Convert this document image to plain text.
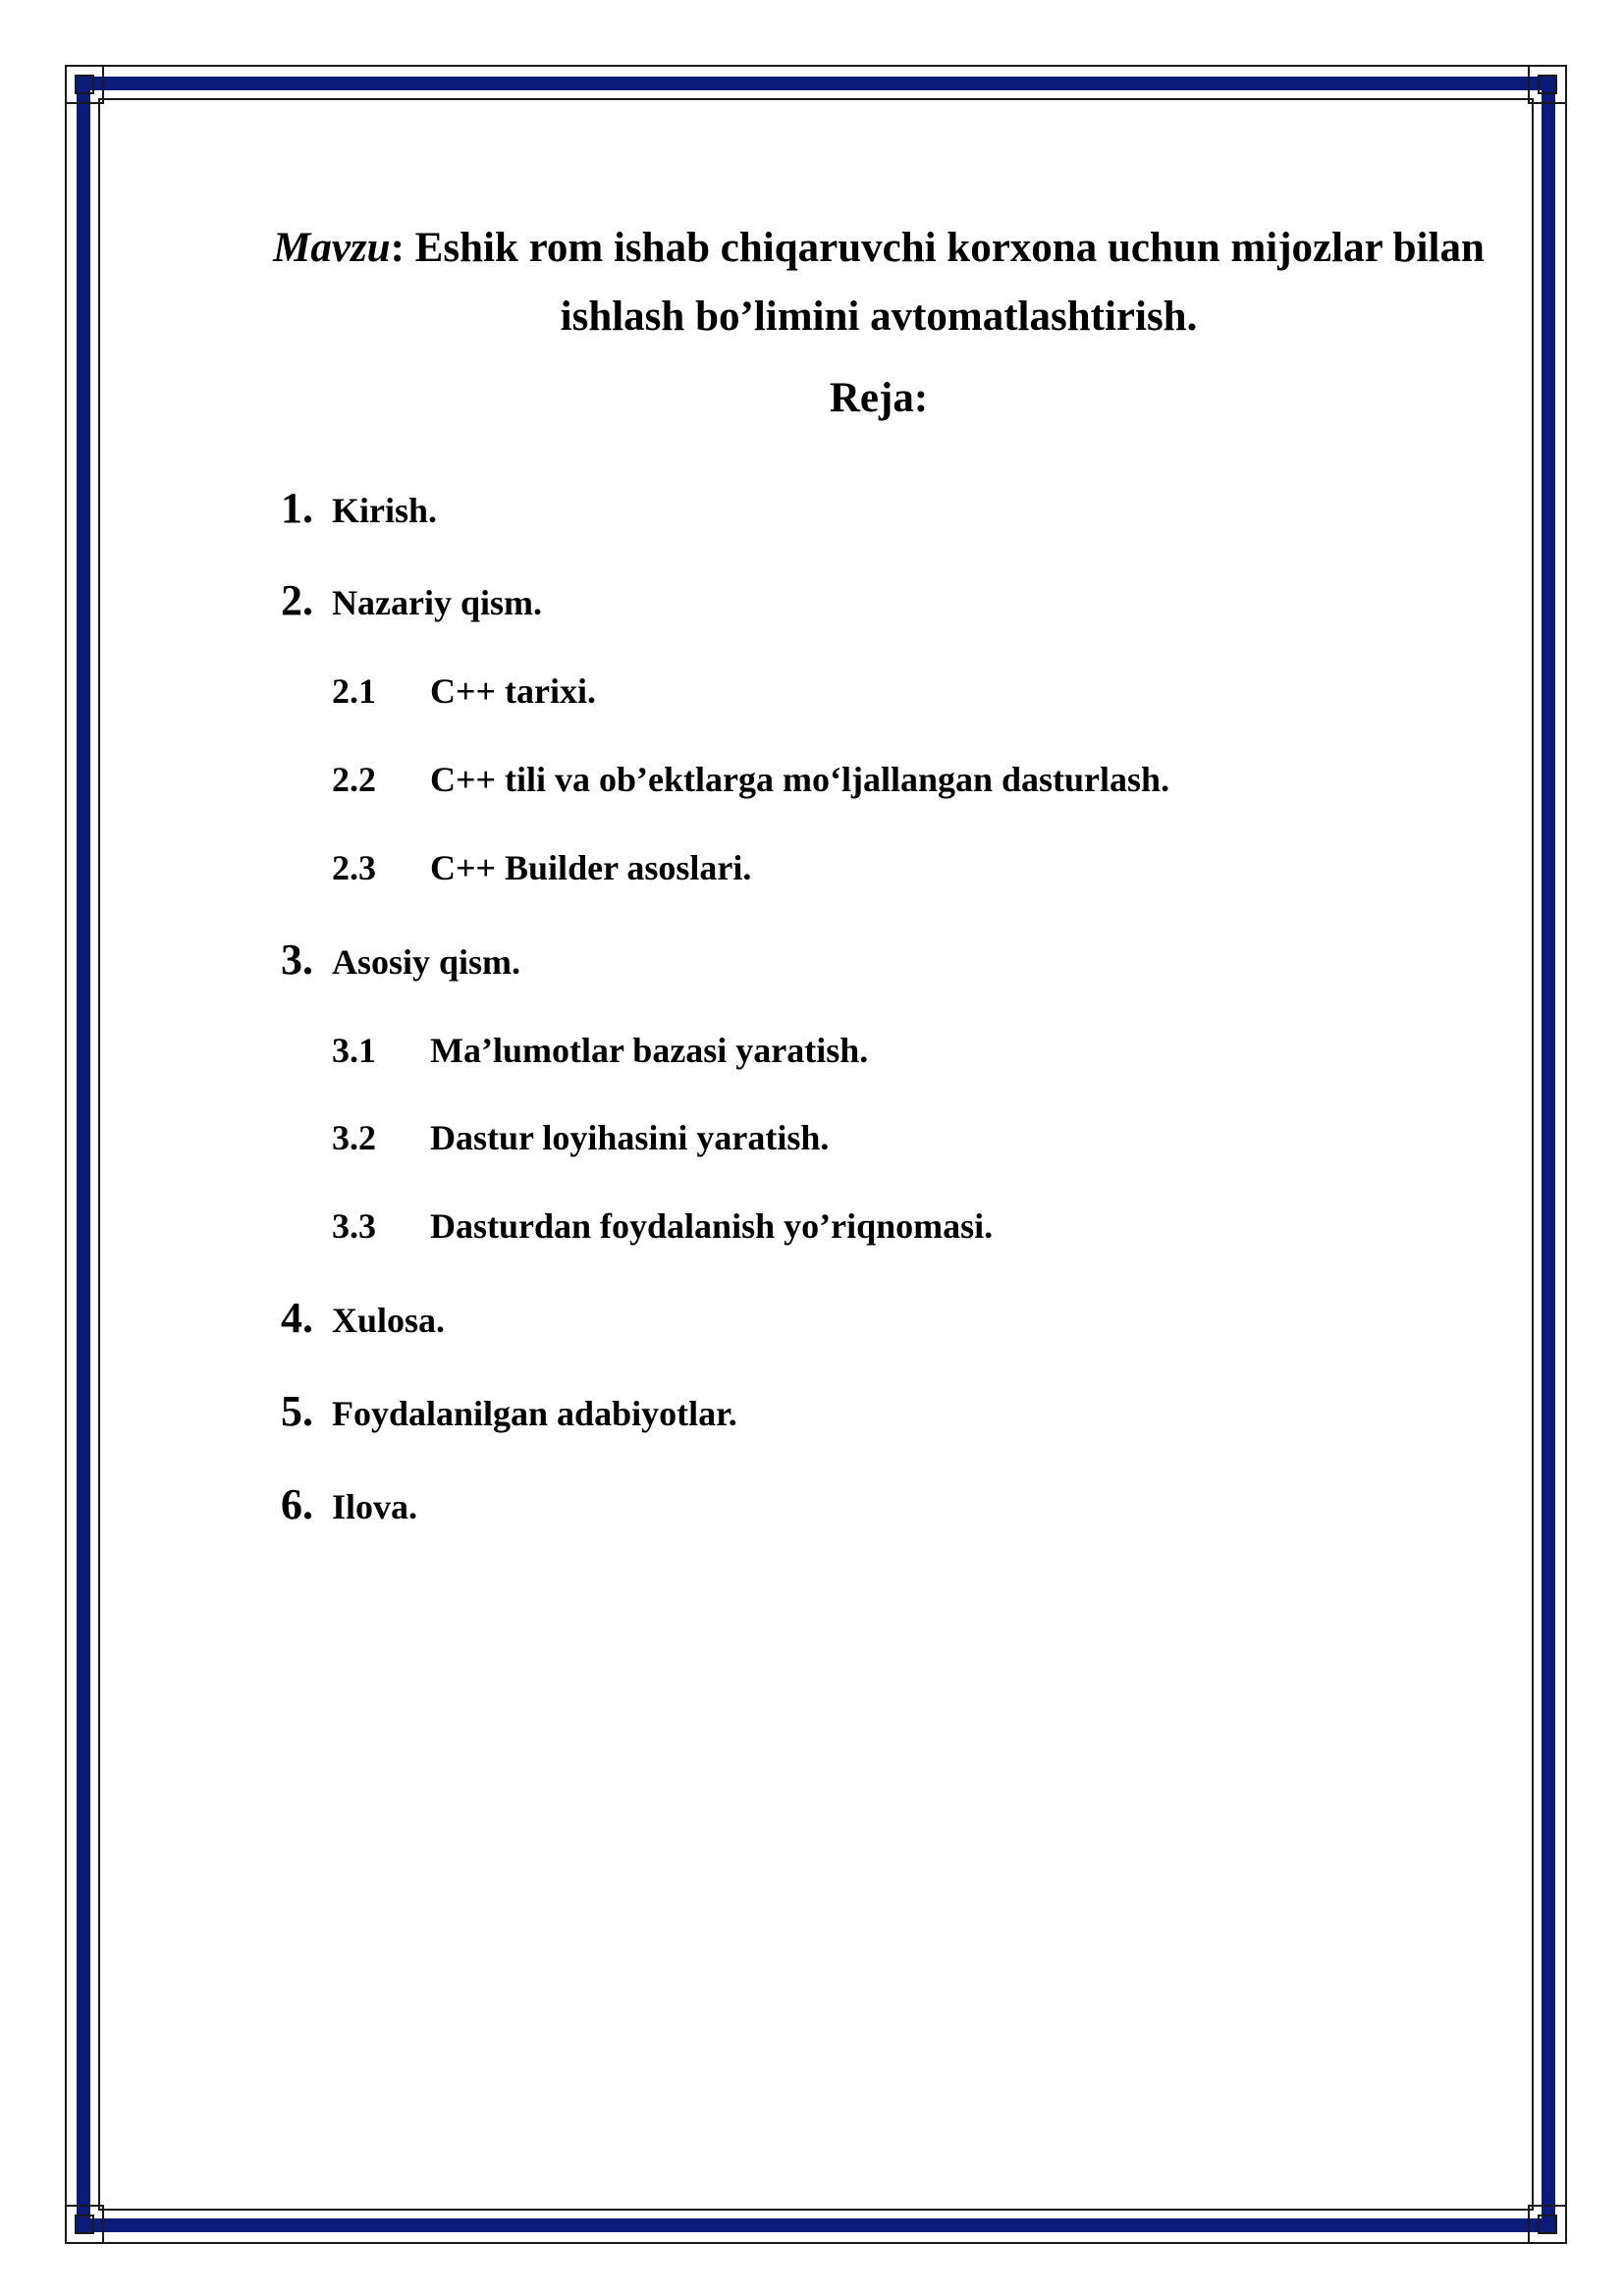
Mavzu: Eshik rom ishab chiqaruvchi korxona uchun mijozlar bilan ishlash bo’limini avtomatlashtirish.
Reja:
1. Kirish.
2. Nazariy qism.
2.1 C++ tarixi.
2.2 C++ tili va ob’ektlarga mo‘ljallangan dasturlash.
2.3 C++ Builder asoslari.
3. Asosiy qism.
3.1 Ma’lumotlar bazasi yaratish.
3.2 Dastur loyihasini yaratish.
3.3 Dasturdan foydalanish yo’riqnomasi.
4. Xulosa.
5. Foydalanilgan adabiyotlar.
6. Ilova.
